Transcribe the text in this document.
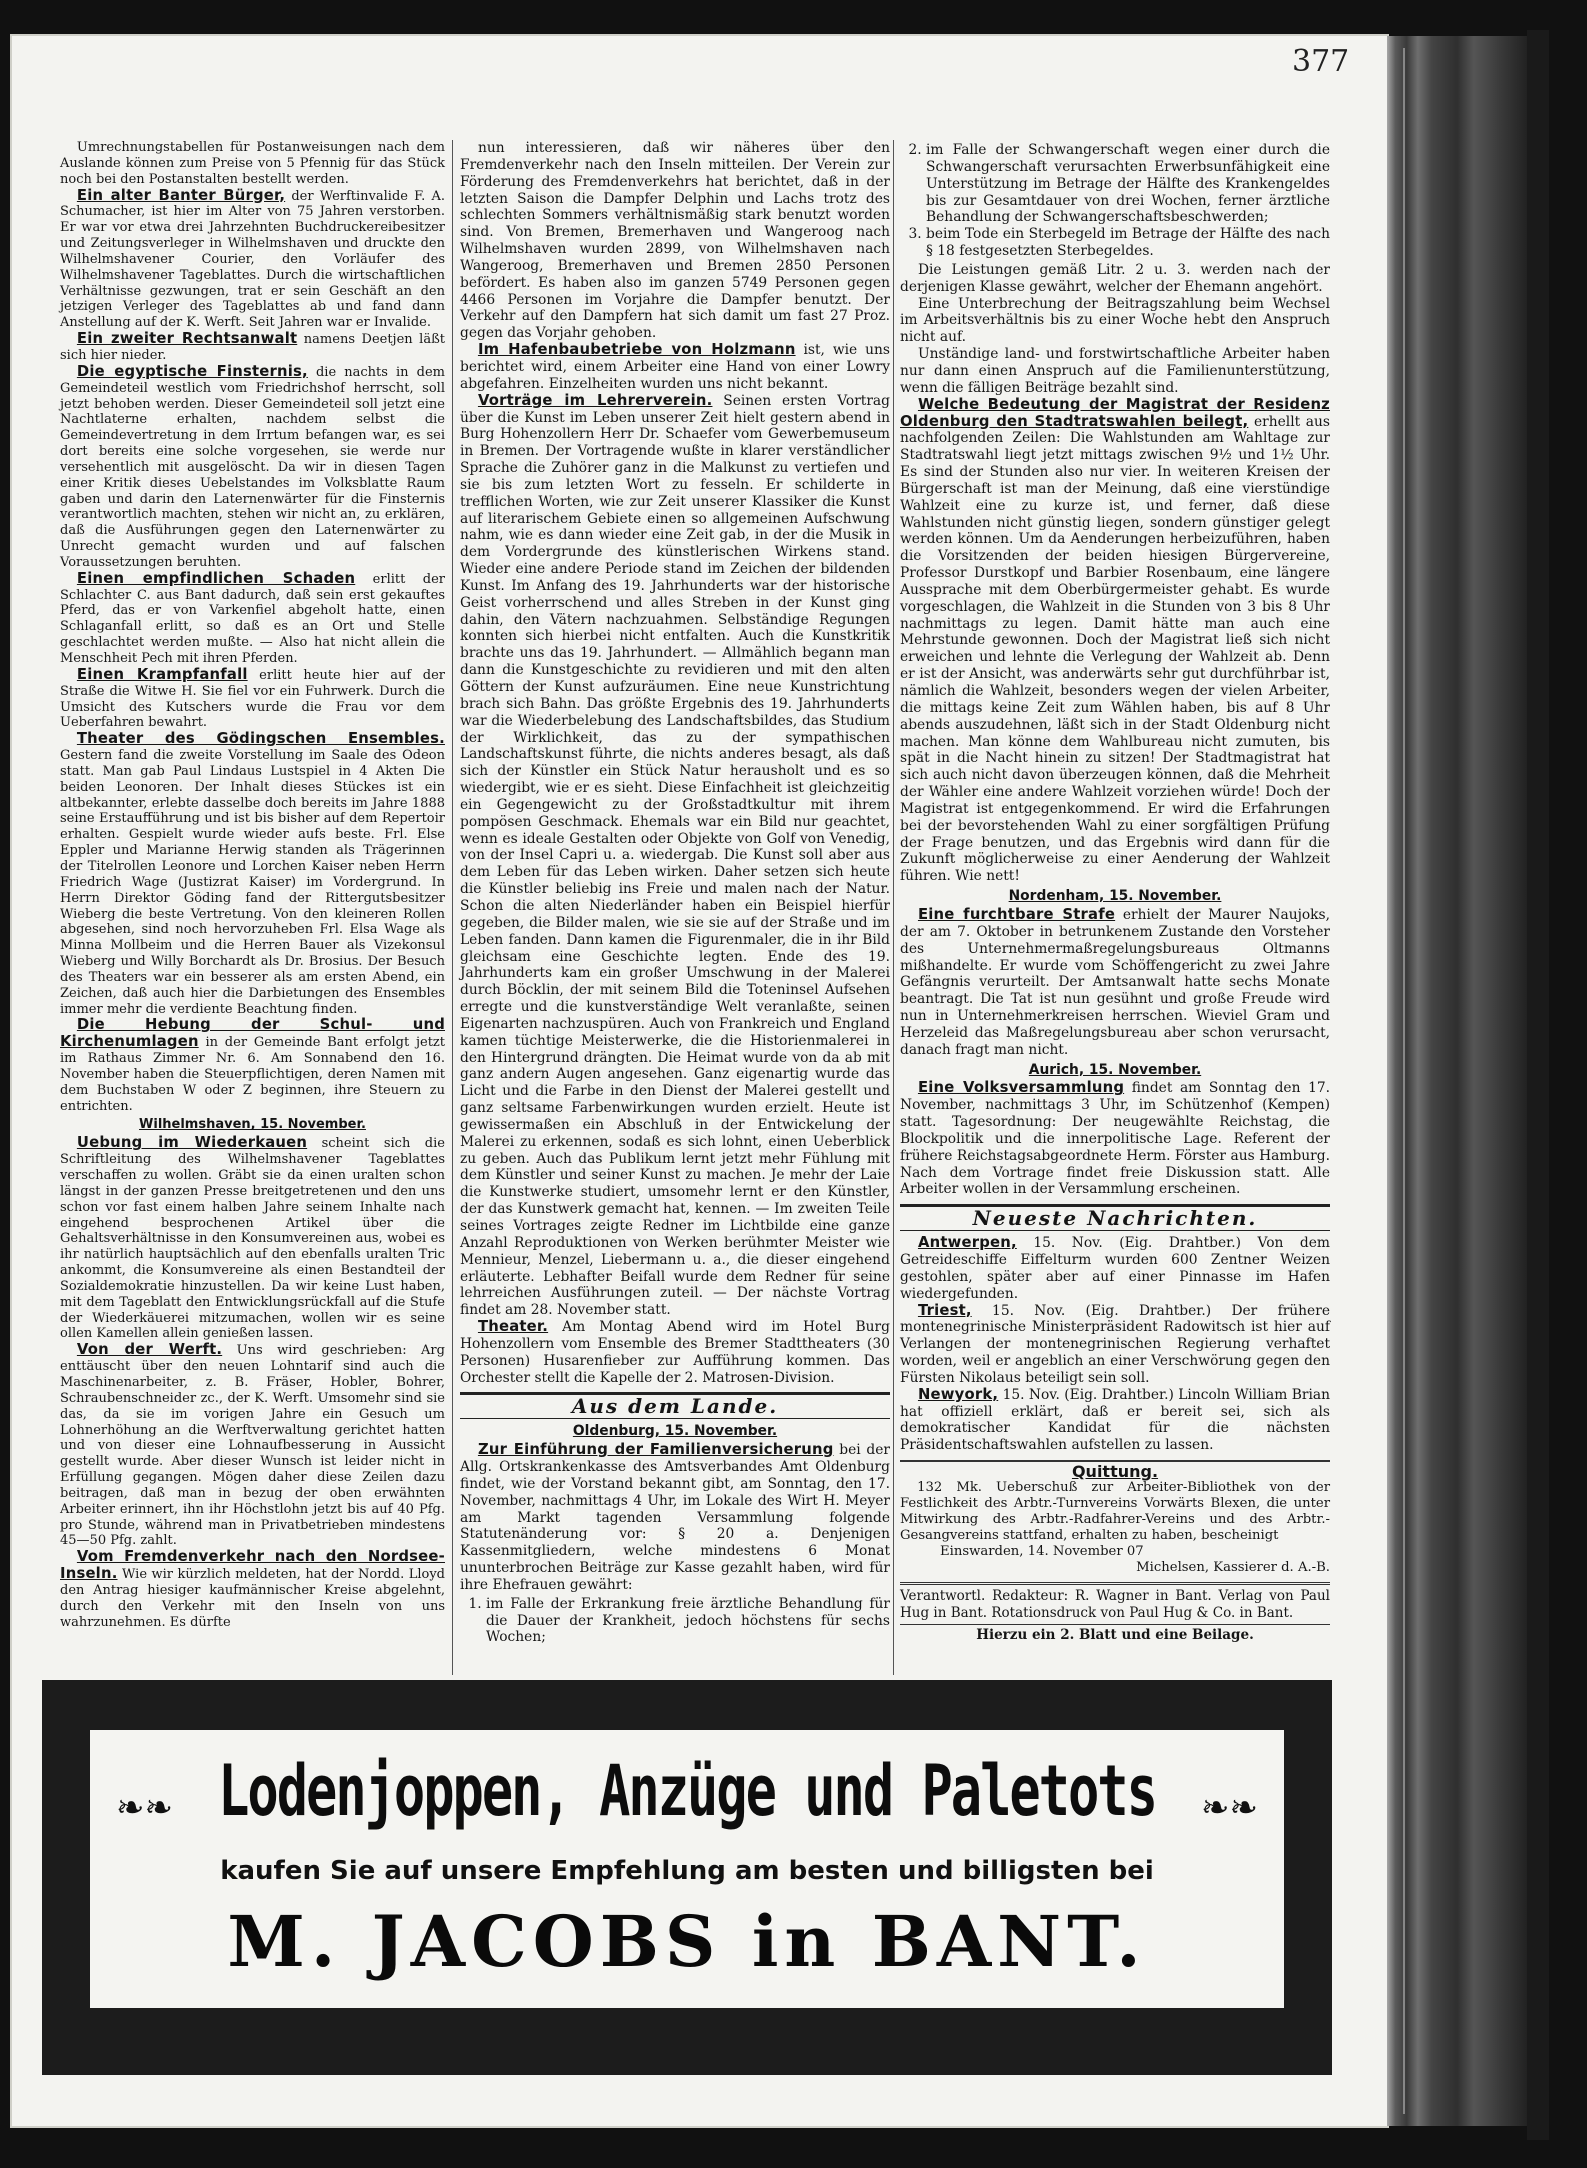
377

Umrechnungstabellen für Postanweisungen nach dem Auslande können zum Preise von 5 Pfennig für das Stück noch bei den Postanstalten bestellt werden.

Ein alter Banter Bürger, der Werftinvalide F. A. Schumacher, ist hier im Alter von 75 Jahren verstorben. Er war vor etwa drei Jahrzehnten Buchdruckereibesitzer und Zeitungsverleger in Wilhelmshaven und druckte den Wilhelmshavener Courier, den Vorläufer des Wilhelmshavener Tageblattes. Durch die wirtschaftlichen Verhältnisse gezwungen, trat er sein Geschäft an den jetzigen Verleger des Tageblattes ab und fand dann Anstellung auf der K. Werft. Seit Jahren war er Invalide.

Ein zweiter Rechtsanwalt namens Deetjen läßt sich hier nieder.

Die egyptische Finsternis, die nachts in dem Gemeindeteil westlich vom Friedrichshof herrscht, soll jetzt behoben werden. Dieser Gemeindeteil soll jetzt eine Nachtlaterne erhalten, nachdem selbst die Gemeindevertretung in dem Irrtum befangen war, es sei dort bereits eine solche vorgesehen, sie werde nur versehentlich mit ausgelöscht. Da wir in diesen Tagen einer Kritik dieses Uebelstandes im Volksblatte Raum gaben und darin den Laternenwärter für die Finsternis verantwortlich machten, stehen wir nicht an, zu erklären, daß die Ausführungen gegen den Laternenwärter zu Unrecht gemacht wurden und auf falschen Voraussetzungen beruhten.

Einen empfindlichen Schaden erlitt der Schlachter C. aus Bant dadurch, daß sein erst gekauftes Pferd, das er von Varkenfiel abgeholt hatte, einen Schlaganfall erlitt, so daß es an Ort und Stelle geschlachtet werden mußte. — Also hat nicht allein die Menschheit Pech mit ihren Pferden.

Einen Krampfanfall erlitt heute hier auf der Straße die Witwe H. Sie fiel vor ein Fuhrwerk. Durch die Umsicht des Kutschers wurde die Frau vor dem Ueberfahren bewahrt.

Theater des Gödingschen Ensembles. Gestern fand die zweite Vorstellung im Saale des Odeon statt. Man gab Paul Lindaus Lustspiel in 4 Akten Die beiden Leonoren. Der Inhalt dieses Stückes ist ein altbekannter, erlebte dasselbe doch bereits im Jahre 1888 seine Erstaufführung und ist bis bisher auf dem Repertoir erhalten. Gespielt wurde wieder aufs beste. Frl. Else Eppler und Marianne Herwig standen als Trägerinnen der Titelrollen Leonore und Lorchen Kaiser neben Herrn Friedrich Wage (Justizrat Kaiser) im Vordergrund. In Herrn Direktor Göding fand der Rittergutsbesitzer Wieberg die beste Vertretung. Von den kleineren Rollen abgesehen, sind noch hervorzuheben Frl. Elsa Wage als Minna Mollbeim und die Herren Bauer als Vizekonsul Wieberg und Willy Borchardt als Dr. Brosius. Der Besuch des Theaters war ein besserer als am ersten Abend, ein Zeichen, daß auch hier die Darbietungen des Ensembles immer mehr die verdiente Beachtung finden.

Die Hebung der Schul- und Kirchenumlagen in der Gemeinde Bant erfolgt jetzt im Rathaus Zimmer Nr. 6. Am Sonnabend den 16. November haben die Steuerpflichtigen, deren Namen mit dem Buchstaben W oder Z beginnen, ihre Steuern zu entrichten.

Wilhelmshaven, 15. November.

Uebung im Wiederkauen scheint sich die Schriftleitung des Wilhelmshavener Tageblattes verschaffen zu wollen. Gräbt sie da einen uralten schon längst in der ganzen Presse breitgetretenen und den uns schon vor fast einem halben Jahre seinem Inhalte nach eingehend besprochenen Artikel über die Gehaltsverhältnisse in den Konsumvereinen aus, wobei es ihr natürlich hauptsächlich auf den ebenfalls uralten Tric ankommt, die Konsumvereine als einen Bestandteil der Sozialdemokratie hinzustellen. Da wir keine Lust haben, mit dem Tageblatt den Entwicklungsrückfall auf die Stufe der Wiederkäuerei mitzumachen, wollen wir es seine ollen Kamellen allein genießen lassen.

Von der Werft. Uns wird geschrieben: Arg enttäuscht über den neuen Lohntarif sind auch die Maschinenarbeiter, z. B. Fräser, Hobler, Bohrer, Schraubenschneider zc., der K. Werft. Umsomehr sind sie das, da sie im vorigen Jahre ein Gesuch um Lohnerhöhung an die Werftverwaltung gerichtet hatten und von dieser eine Lohnaufbesserung in Aussicht gestellt wurde. Aber dieser Wunsch ist leider nicht in Erfüllung gegangen. Mögen daher diese Zeilen dazu beitragen, daß man in bezug der oben erwähnten Arbeiter erinnert, ihn ihr Höchstlohn jetzt bis auf 40 Pfg. pro Stunde, während man in Privatbetrieben mindestens 45—50 Pfg. zahlt.

Vom Fremdenverkehr nach den Nordsee-Inseln. Wie wir kürzlich meldeten, hat der Nordd. Lloyd den Antrag hiesiger kaufmännischer Kreise abgelehnt, durch den Verkehr mit den Inseln von uns wahrzunehmen. Es dürfte

nun interessieren, daß wir näheres über den Fremdenverkehr nach den Inseln mitteilen. Der Verein zur Förderung des Fremdenverkehrs hat berichtet, daß in der letzten Saison die Dampfer Delphin und Lachs trotz des schlechten Sommers verhältnismäßig stark benutzt worden sind. Von Bremen, Bremerhaven und Wangeroog nach Wilhelmshaven wurden 2899, von Wilhelmshaven nach Wangeroog, Bremerhaven und Bremen 2850 Personen befördert. Es haben also im ganzen 5749 Personen gegen 4466 Personen im Vorjahre die Dampfer benutzt. Der Verkehr auf den Dampfern hat sich damit um fast 27 Proz. gegen das Vorjahr gehoben.

Im Hafenbaubetriebe von Holzmann ist, wie uns berichtet wird, einem Arbeiter eine Hand von einer Lowry abgefahren. Einzelheiten wurden uns nicht bekannt.

Vorträge im Lehrerverein. Seinen ersten Vortrag über die Kunst im Leben unserer Zeit hielt gestern abend in Burg Hohenzollern Herr Dr. Schaefer vom Gewerbemuseum in Bremen. Der Vortragende wußte in klarer verständlicher Sprache die Zuhörer ganz in die Malkunst zu vertiefen und sie bis zum letzten Wort zu fesseln. Er schilderte in trefflichen Worten, wie zur Zeit unserer Klassiker die Kunst auf literarischem Gebiete einen so allgemeinen Aufschwung nahm, wie es dann wieder eine Zeit gab, in der die Musik in dem Vordergrunde des künstlerischen Wirkens stand. Wieder eine andere Periode stand im Zeichen der bildenden Kunst. Im Anfang des 19. Jahrhunderts war der historische Geist vorherrschend und alles Streben in der Kunst ging dahin, den Vätern nachzuahmen. Selbständige Regungen konnten sich hierbei nicht entfalten. Auch die Kunstkritik brachte uns das 19. Jahrhundert. — Allmählich begann man dann die Kunstgeschichte zu revidieren und mit den alten Göttern der Kunst aufzuräumen. Eine neue Kunstrichtung brach sich Bahn. Das größte Ergebnis des 19. Jahrhunderts war die Wiederbelebung des Landschaftsbildes, das Studium der Wirklichkeit, das zu der sympathischen Landschaftskunst führte, die nichts anderes besagt, als daß sich der Künstler ein Stück Natur herausholt und es so wiedergibt, wie er es sieht. Diese Einfachheit ist gleichzeitig ein Gegengewicht zu der Großstadtkultur mit ihrem pompösen Geschmack. Ehemals war ein Bild nur geachtet, wenn es ideale Gestalten oder Objekte von Golf von Venedig, von der Insel Capri u. a. wiedergab. Die Kunst soll aber aus dem Leben für das Leben wirken. Daher setzen sich heute die Künstler beliebig ins Freie und malen nach der Natur. Schon die alten Niederländer haben ein Beispiel hierfür gegeben, die Bilder malen, wie sie sie auf der Straße und im Leben fanden. Dann kamen die Figurenmaler, die in ihr Bild gleichsam eine Geschichte legten. Ende des 19. Jahrhunderts kam ein großer Umschwung in der Malerei durch Böcklin, der mit seinem Bild die Toteninsel Aufsehen erregte und die kunstverständige Welt veranlaßte, seinen Eigenarten nachzuspüren. Auch von Frankreich und England kamen tüchtige Meisterwerke, die die Historienmalerei in den Hintergrund drängten. Die Heimat wurde von da ab mit ganz andern Augen angesehen. Ganz eigenartig wurde das Licht und die Farbe in den Dienst der Malerei gestellt und ganz seltsame Farbenwirkungen wurden erzielt. Heute ist gewissermaßen ein Abschluß in der Entwickelung der Malerei zu erkennen, sodaß es sich lohnt, einen Ueberblick zu geben. Auch das Publikum lernt jetzt mehr Fühlung mit dem Künstler und seiner Kunst zu machen. Je mehr der Laie die Kunstwerke studiert, umsomehr lernt er den Künstler, der das Kunstwerk gemacht hat, kennen. — Im zweiten Teile seines Vortrages zeigte Redner im Lichtbilde eine ganze Anzahl Reproduktionen von Werken berühmter Meister wie Mennieur, Menzel, Liebermann u. a., die dieser eingehend erläuterte. Lebhafter Beifall wurde dem Redner für seine lehrreichen Ausführungen zuteil. — Der nächste Vortrag findet am 28. November statt.

Theater. Am Montag Abend wird im Hotel Burg Hohenzollern vom Ensemble des Bremer Stadttheaters (30 Personen) Husarenfieber zur Aufführung kommen. Das Orchester stellt die Kapelle der 2. Matrosen-Division.

Aus dem Lande.
Oldenburg, 15. November.

Zur Einführung der Familienversicherung bei der Allg. Ortskrankenkasse des Amtsverbandes Amt Oldenburg findet, wie der Vorstand bekannt gibt, am Sonntag, den 17. November, nachmittags 4 Uhr, im Lokale des Wirt H. Meyer am Markt tagenden Versammlung folgende Statutenänderung vor: § 20 a. Denjenigen Kassenmitgliedern, welche mindestens 6 Monat ununterbrochen Beiträge zur Kasse gezahlt haben, wird für ihre Ehefrauen gewährt:

1. im Falle der Erkrankung freie ärztliche Behandlung für die Dauer der Krankheit, jedoch höchstens für sechs Wochen;
2. im Falle der Schwangerschaft wegen einer durch die Schwangerschaft verursachten Erwerbsunfähigkeit eine Unterstützung im Betrage der Hälfte des Krankengeldes bis zur Gesamtdauer von drei Wochen, ferner ärztliche Behandlung der Schwangerschaftsbeschwerden;
3. beim Tode ein Sterbegeld im Betrage der Hälfte des nach § 18 festgesetzten Sterbegeldes.

Die Leistungen gemäß Litr. 2 u. 3. werden nach der derjenigen Klasse gewährt, welcher der Ehemann angehört.

Eine Unterbrechung der Beitragszahlung beim Wechsel im Arbeitsverhältnis bis zu einer Woche hebt den Anspruch nicht auf.

Unständige land- und forstwirtschaftliche Arbeiter haben nur dann einen Anspruch auf die Familienunterstützung, wenn die fälligen Beiträge bezahlt sind.

Welche Bedeutung der Magistrat der Residenz Oldenburg den Stadtratswahlen beilegt, erhellt aus nachfolgenden Zeilen: Die Wahlstunden am Wahltage zur Stadtratswahl liegt jetzt mittags zwischen 9½ und 1½ Uhr. Es sind der Stunden also nur vier. In weiteren Kreisen der Bürgerschaft ist man der Meinung, daß eine vierstündige Wahlzeit eine zu kurze ist, und ferner, daß diese Wahlstunden nicht günstig liegen, sondern günstiger gelegt werden können. Um da Aenderungen herbeizuführen, haben die Vorsitzenden der beiden hiesigen Bürgervereine, Professor Durstkopf und Barbier Rosenbaum, eine längere Aussprache mit dem Oberbürgermeister gehabt. Es wurde vorgeschlagen, die Wahlzeit in die Stunden von 3 bis 8 Uhr nachmittags zu legen. Damit hätte man auch eine Mehrstunde gewonnen. Doch der Magistrat ließ sich nicht erweichen und lehnte die Verlegung der Wahlzeit ab. Denn er ist der Ansicht, was anderwärts sehr gut durchführbar ist, nämlich die Wahlzeit, besonders wegen der vielen Arbeiter, die mittags keine Zeit zum Wählen haben, bis auf 8 Uhr abends auszudehnen, läßt sich in der Stadt Oldenburg nicht machen. Man könne dem Wahlbureau nicht zumuten, bis spät in die Nacht hinein zu sitzen! Der Stadtmagistrat hat sich auch nicht davon überzeugen können, daß die Mehrheit der Wähler eine andere Wahlzeit vorziehen würde! Doch der Magistrat ist entgegenkommend. Er wird die Erfahrungen bei der bevorstehenden Wahl zu einer sorgfältigen Prüfung der Frage benutzen, und das Ergebnis wird dann für die Zukunft möglicherweise zu einer Aenderung der Wahlzeit führen. Wie nett!

Nordenham, 15. November.

Eine furchtbare Strafe erhielt der Maurer Naujoks, der am 7. Oktober in betrunkenem Zustande den Vorsteher des Unternehmermaßregelungsbureaus Oltmanns mißhandelte. Er wurde vom Schöffengericht zu zwei Jahre Gefängnis verurteilt. Der Amtsanwalt hatte sechs Monate beantragt. Die Tat ist nun gesühnt und große Freude wird nun in Unternehmerkreisen herrschen. Wieviel Gram und Herzeleid das Maßregelungsbureau aber schon verursacht, danach fragt man nicht.

Aurich, 15. November.

Eine Volksversammlung findet am Sonntag den 17. November, nachmittags 3 Uhr, im Schützenhof (Kempen) statt. Tagesordnung: Der neugewählte Reichstag, die Blockpolitik und die innerpolitische Lage. Referent der frühere Reichstagsabgeordnete Herm. Förster aus Hamburg. Nach dem Vortrage findet freie Diskussion statt. Alle Arbeiter wollen in der Versammlung erscheinen.

Neueste Nachrichten.

Antwerpen, 15. Nov. (Eig. Drahtber.) Von dem Getreideschiffe Eiffelturm wurden 600 Zentner Weizen gestohlen, später aber auf einer Pinnasse im Hafen wiedergefunden.

Triest, 15. Nov. (Eig. Drahtber.) Der frühere montenegrinische Ministerpräsident Radowitsch ist hier auf Verlangen der montenegrinischen Regierung verhaftet worden, weil er angeblich an einer Verschwörung gegen den Fürsten Nikolaus beteiligt sein soll.

Newyork, 15. Nov. (Eig. Drahtber.) Lincoln William Brian hat offiziell erklärt, daß er bereit sei, sich als demokratischer Kandidat für die nächsten Präsidentschaftswahlen aufstellen zu lassen.

Quittung.
132 Mk. Ueberschuß zur Arbeiter-Bibliothek von der Festlichkeit des Arbtr.-Turnvereins Vorwärts Blexen, die unter Mitwirkung des Arbtr.-Radfahrer-Vereins und des Arbtr.-Gesangvereins stattfand, erhalten zu haben, bescheinigt
Einswarden, 14. November 07
Michelsen, Kassierer d. A.-B.
Verantwortl. Redakteur: R. Wagner in Bant. Verlag von Paul Hug in Bant. Rotationsdruck von Paul Hug & Co. in Bant.
Hierzu ein 2. Blatt und eine Beilage.
❧❧	❧❧
Lodenjoppen, Anzüge und Paletots
kaufen Sie auf unsere Empfehlung am besten und billigsten bei
M. JACOBS in BANT.
